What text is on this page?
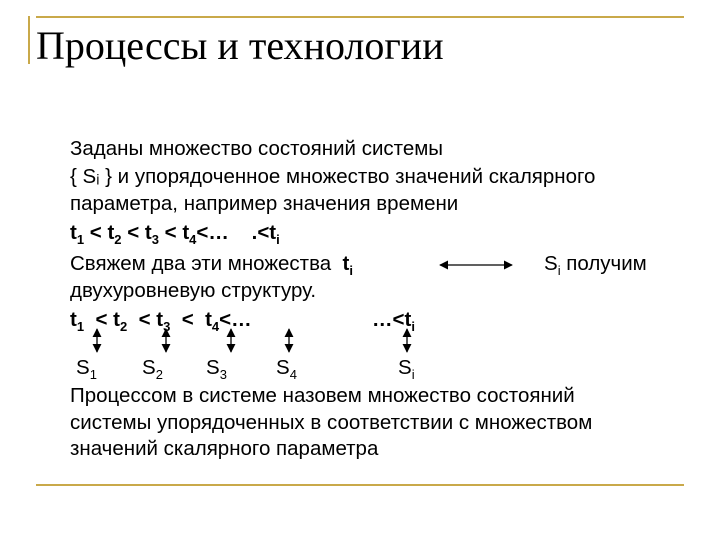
Процессы и технологии
Заданы множество состояний системы
{ Sᵢ } и упорядоченное множество значений скалярного
параметра, например значения времени
$t_1 < t_2 < t_3$ < $t_4<\dots$    $.<t_i$
Свяжем два эти множества  $t_i$	$S_i$ получим
двухуровневую структуру.
$t_1 < t_2 < t_3$  <  $t_4<\dots$	$\dots<t_i$
$S_1$ $S_2$ $S_3$ $S_4$	$S_i$
Процессом в системе назовем множество состояний
системы упорядоченных в соответствии с множеством
значений скалярного параметра
